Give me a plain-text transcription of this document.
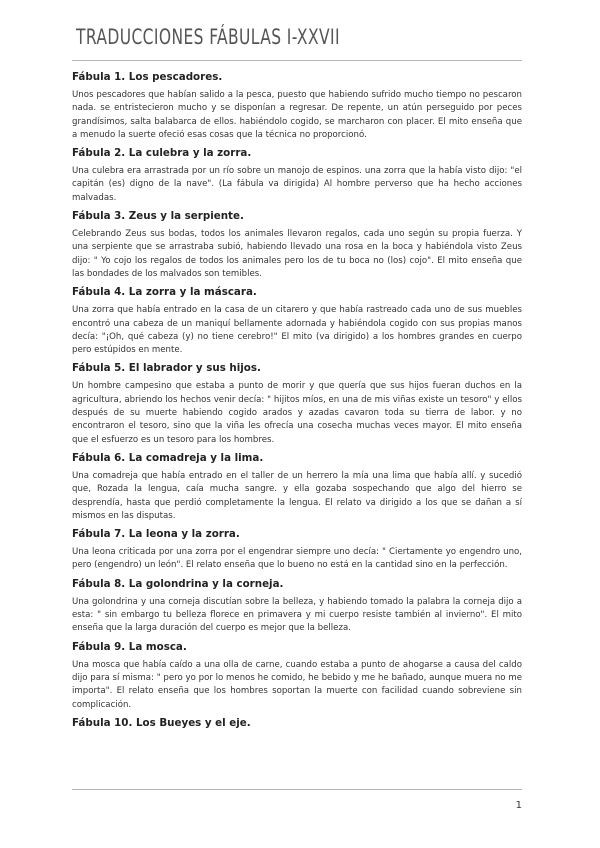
TRADUCCIONES FÁBULAS I-XXVII
Fábula 1. Los pescadores.

Unos pescadores que habían salido a la pesca, puesto que habiendo sufrido mucho tiempo no pescaron nada. se entristecieron mucho y se disponían a regresar. De repente, un atún perseguido por peces grandísimos, salta balabarca de ellos. habiéndolo cogido, se marcharon con placer. El mito enseña que a menudo la suerte ofeció esas cosas que la técnica no proporcionó.

Fábula 2. La culebra y la zorra.

Una culebra era arrastrada por un río sobre un manojo de espinos. una zorra que la había visto dijo: "el capitán (es) digno de la nave". (La fábula va dirigida) Al hombre perverso que ha hecho acciones malvadas.

Fábula 3. Zeus y la serpiente.

Celebrando Zeus sus bodas, todos los animales llevaron regalos, cada uno según su propia fuerza. Y una serpiente que se arrastraba subió, habiendo llevado una rosa en la boca y habiéndola visto Zeus dijo: " Yo cojo los regalos de todos los animales pero los de tu boca no (los) cojo". El mito enseña que las bondades de los malvados son temibles.

Fábula 4. La zorra y la máscara.

Una zorra que había entrado en la casa de un citarero y que había rastreado cada uno de sus muebles encontró una cabeza de un maniquí bellamente adornada y habiéndola cogido con sus propias manos decía: "¡Oh, qué cabeza (y) no tiene cerebro!" El mito (va dirigido) a los hombres grandes en cuerpo pero estúpidos en mente.

Fábula 5. El labrador y sus hijos.

Un hombre campesino que estaba a punto de morir y que quería que sus hijos fueran duchos en la agricultura, abriendo los hechos venir decía: " hijitos míos, en una de mis viñas existe un tesoro" y ellos después de su muerte habiendo cogido arados y azadas cavaron toda su tierra de labor. y no encontraron el tesoro, sino que la viña les ofrecía una cosecha muchas veces mayor. El mito enseña que el esfuerzo es un tesoro para los hombres.

Fábula 6. La comadreja y la lima.

Una comadreja que había entrado en el taller de un herrero la mía una lima que había allí. y sucedió que, Rozada la lengua, caía mucha sangre. y ella gozaba sospechando que algo del hierro se desprendía, hasta que perdió completamente la lengua. El relato va dirigido a los que se dañan a sí mismos en las disputas.

Fábula 7. La leona y la zorra.

Una leona criticada por una zorra por el engendrar siempre uno decía: " Ciertamente yo engendro uno, pero (engendro) un león". El relato enseña que lo bueno no está en la cantidad sino en la perfección.

Fábula 8. La golondrina y la corneja.

Una golondrina y una corneja discutían sobre la belleza, y habiendo tomado la palabra la corneja dijo a esta: " sin embargo tu belleza florece en primavera y mi cuerpo resiste también al invierno". El mito enseña que la larga duración del cuerpo es mejor que la belleza.

Fábula 9. La mosca.

Una mosca que había caído a una olla de carne, cuando estaba a punto de ahogarse a causa del caldo dijo para sí misma: " pero yo por lo menos he comido, he bebido y me he bañado, aunque muera no me importa". El relato enseña que los hombres soportan la muerte con facilidad cuando sobreviene sin complicación.

Fábula 10. Los Bueyes y el eje.
1
